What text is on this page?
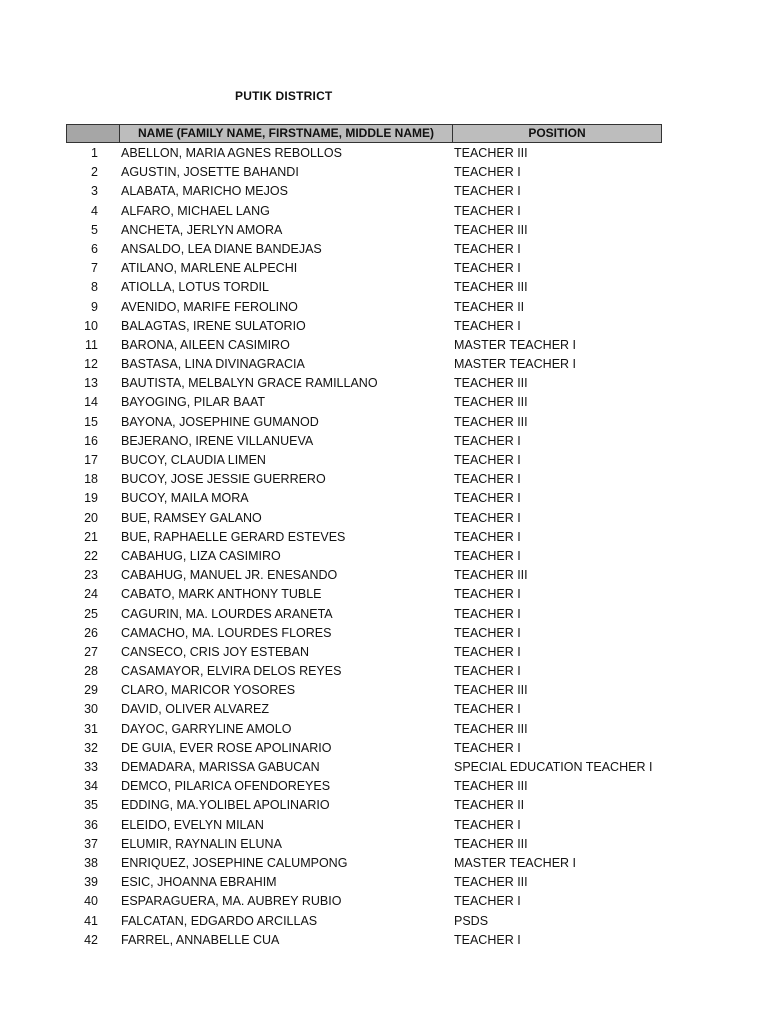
PUTIK DISTRICT
NAME (FAMILY NAME, FIRSTNAME, MIDDLE NAME)	POSITION
1 ABELLON, MARIA AGNES REBOLLOS	TEACHER III
2 AGUSTIN, JOSETTE BAHANDI	TEACHER I
3 ALABATA, MARICHO MEJOS	TEACHER I
4 ALFARO, MICHAEL LANG	TEACHER I
5 ANCHETA, JERLYN AMORA	TEACHER III
6 ANSALDO, LEA DIANE BANDEJAS	TEACHER I
7 ATILANO, MARLENE ALPECHI	TEACHER I
8 ATIOLLA, LOTUS TORDIL	TEACHER III
9 AVENIDO, MARIFE FEROLINO	TEACHER II
10 BALAGTAS, IRENE SULATORIO	TEACHER I
11 BARONA, AILEEN CASIMIRO	MASTER TEACHER I
12 BASTASA, LINA DIVINAGRACIA	MASTER TEACHER I
13 BAUTISTA, MELBALYN GRACE RAMILLANO	TEACHER III
14 BAYOGING, PILAR BAAT	TEACHER III
15 BAYONA, JOSEPHINE GUMANOD	TEACHER III
16 BEJERANO, IRENE VILLANUEVA	TEACHER I
17 BUCOY, CLAUDIA LIMEN	TEACHER I
18 BUCOY, JOSE JESSIE GUERRERO	TEACHER I
19 BUCOY, MAILA MORA	TEACHER I
20 BUE, RAMSEY GALANO	TEACHER I
21 BUE, RAPHAELLE GERARD ESTEVES	TEACHER I
22 CABAHUG, LIZA CASIMIRO	TEACHER I
23 CABAHUG, MANUEL JR. ENESANDO	TEACHER III
24 CABATO, MARK ANTHONY TUBLE	TEACHER I
25 CAGURIN, MA. LOURDES ARANETA	TEACHER I
26 CAMACHO, MA. LOURDES FLORES	TEACHER I
27 CANSECO, CRIS JOY ESTEBAN	TEACHER I
28 CASAMAYOR, ELVIRA DELOS REYES	TEACHER I
29 CLARO, MARICOR YOSORES	TEACHER III
30 DAVID, OLIVER ALVAREZ	TEACHER I
31 DAYOC, GARRYLINE AMOLO	TEACHER III
32 DE GUIA, EVER ROSE APOLINARIO	TEACHER I
33 DEMADARA, MARISSA GABUCAN	SPECIAL EDUCATION TEACHER I
34 DEMCO, PILARICA OFENDOREYES	TEACHER III
35 EDDING, MA.YOLIBEL APOLINARIO	TEACHER II
36 ELEIDO, EVELYN MILAN	TEACHER I
37 ELUMIR, RAYNALIN ELUNA	TEACHER III
38 ENRIQUEZ, JOSEPHINE CALUMPONG	MASTER TEACHER I
39 ESIC, JHOANNA EBRAHIM	TEACHER III
40 ESPARAGUERA, MA. AUBREY RUBIO	TEACHER I
41 FALCATAN, EDGARDO ARCILLAS	PSDS
42 FARREL, ANNABELLE CUA	TEACHER I
